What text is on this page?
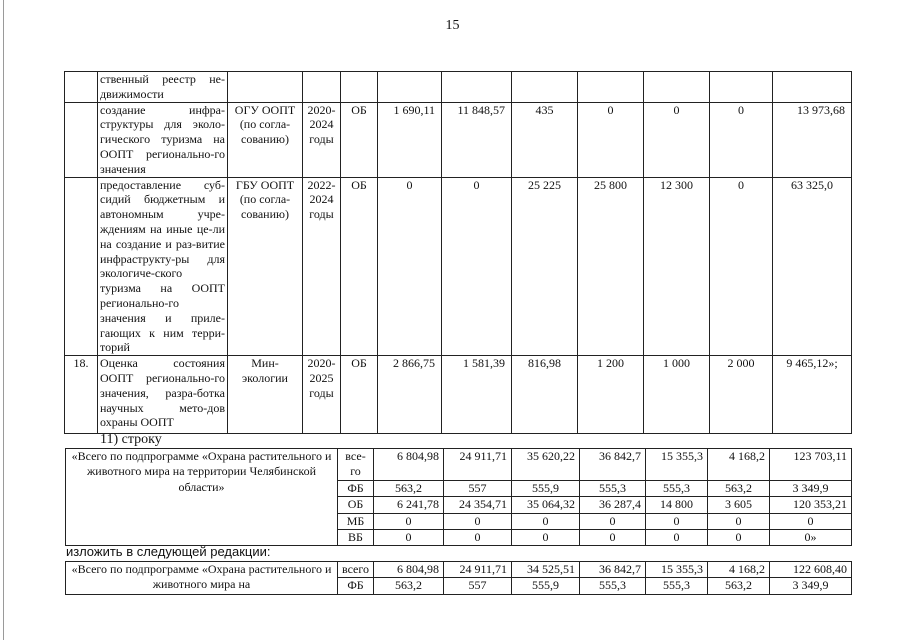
15
	ственный реестр не-движимости										
	создание инфра-структуры для эколо-гического туризма на ООПТ регионально-го значения	ОГУ ООПТ (по согла-сованию)	2020-2024 годы	ОБ	1 690,11	11 848,57	435	0	0	0	13 973,68
	предоставление суб-сидий бюджетным и автономным учре-ждениям на иные це-ли на создание и раз-витие инфраструкту-ры для экологиче-ского туризма на ООПТ регионально-го значения и приле-гающих к ним терри-торий	ГБУ ООПТ (по согла-сованию)	2022-2024 годы	ОБ	0	0	25 225	25 800	12 300	0	63 325,0
18.	Оценка состояния ООПТ регионально-го значения, разра-ботка научных мето-дов охраны ООПТ	Мин-экологии	2020-2025 годы	ОБ	2 866,75	1 581,39	816,98	1 200	1 000	2 000	9 465,12»;
11) строку
«Всего по подпрограмме «Охрана растительного и животного мира на территории Челябинской области»	все-го	6 804,98	24 911,71	35 620,22	36 842,7	15 355,3	4 168,2	123 703,11
	ФБ	563,2	557	555,9	555,3	555,3	563,2	3 349,9
	ОБ	6 241,78	24 354,71	35 064,32	36 287,4	14 800	3 605	120 353,21
	МБ	0	0	0	0	0	0	0
	ВБ	0	0	0	0	0	0	0»
изложить в следующей редакции:
«Всего по подпрограмме «Охрана растительного и животного мира на	всего	6 804,98	24 911,71	34 525,51	36 842,7	15 355,3	4 168,2	122 608,40
	ФБ	563,2	557	555,9	555,3	555,3	563,2	3 349,9
